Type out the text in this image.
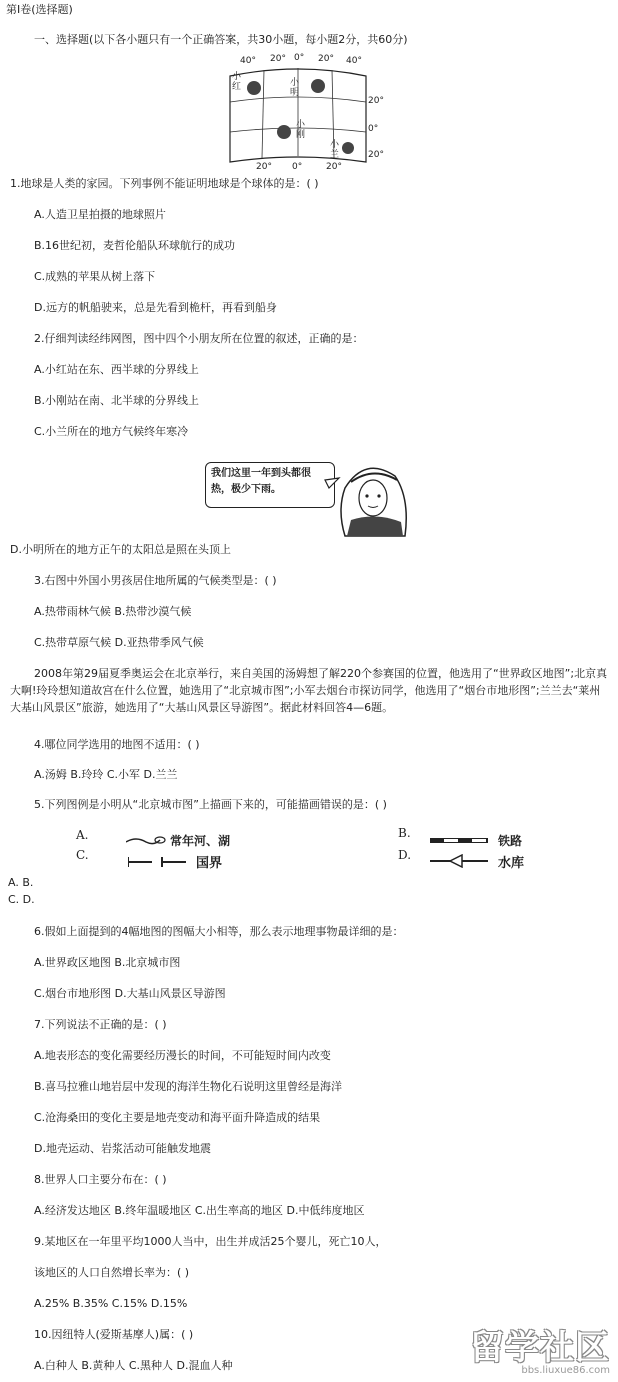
第Ⅰ卷(选择题)
一、选择题(以下各小题只有一个正确答案，共30小题，每小题2分，共60分)
40° 20° 0° 20° 40°
20° 0°	20°
20°
0°
20°
小红	小明
小刚
小兰
1.地球是人类的家园。下列事例不能证明地球是个球体的是：( )
A.人造卫星拍摄的地球照片
B.16世纪初，麦哲伦船队环球航行的成功
C.成熟的苹果从树上落下
D.远方的帆船驶来，总是先看到桅杆，再看到船身
2.仔细判读经纬网图，图中四个小朋友所在位置的叙述，正确的是：
A.小红站在东、西半球的分界线上
B.小刚站在南、北半球的分界线上
C.小兰所在的地方气候终年寒冷
我们这里一年到头都很热，极少下雨。
D.小明所在的地方正午的太阳总是照在头顶上
3.右图中外国小男孩居住地所属的气候类型是：( )
A.热带雨林气候 B.热带沙漠气候
C.热带草原气候 D.亚热带季风气候
2008年第29届夏季奥运会在北京举行，来自美国的汤姆想了解220个参赛国的位置，他选用了“世界政区地图”;北京真大啊!玲玲想知道故宫在什么位置，她选用了“北京城市图”;小军去烟台市探访同学，他选用了“烟台市地形图”;兰兰去“莱州大基山风景区”旅游，她选用了“大基山风景区导游图”。据此材料回答4—6题。
4.哪位同学选用的地图不适用：( )
A.汤姆 B.玲玲 C.小军 D.兰兰
5.下列图例是小明从“北京城市图”上描画下来的，可能描画错误的是：( )
A.	常年河、湖
C.
国界
B.
铁路
D.
水库
A. B.
C. D.
6.假如上面提到的4幅地图的图幅大小相等，那么表示地理事物最详细的是：
A.世界政区地图 B.北京城市图
C.烟台市地形图 D.大基山风景区导游图
7.下列说法不正确的是：( )
A.地表形态的变化需要经历漫长的时间，不可能短时间内改变
B.喜马拉雅山地岩层中发现的海洋生物化石说明这里曾经是海洋
C.沧海桑田的变化主要是地壳变动和海平面升降造成的结果
D.地壳运动、岩浆活动可能触发地震
8.世界人口主要分布在：( )
A.经济发达地区 B.终年温暖地区 C.出生率高的地区 D.中低纬度地区
9.某地区在一年里平均1000人当中，出生并成活25个婴儿，死亡10人，
该地区的人口自然增长率为：( )
A.25% B.35% C.15% D.15%
10.因纽特人(爱斯基摩人)属：( )
A.白种人 B.黄种人 C.黑种人 D.混血人种	留学社区
bbs.liuxue86.com
